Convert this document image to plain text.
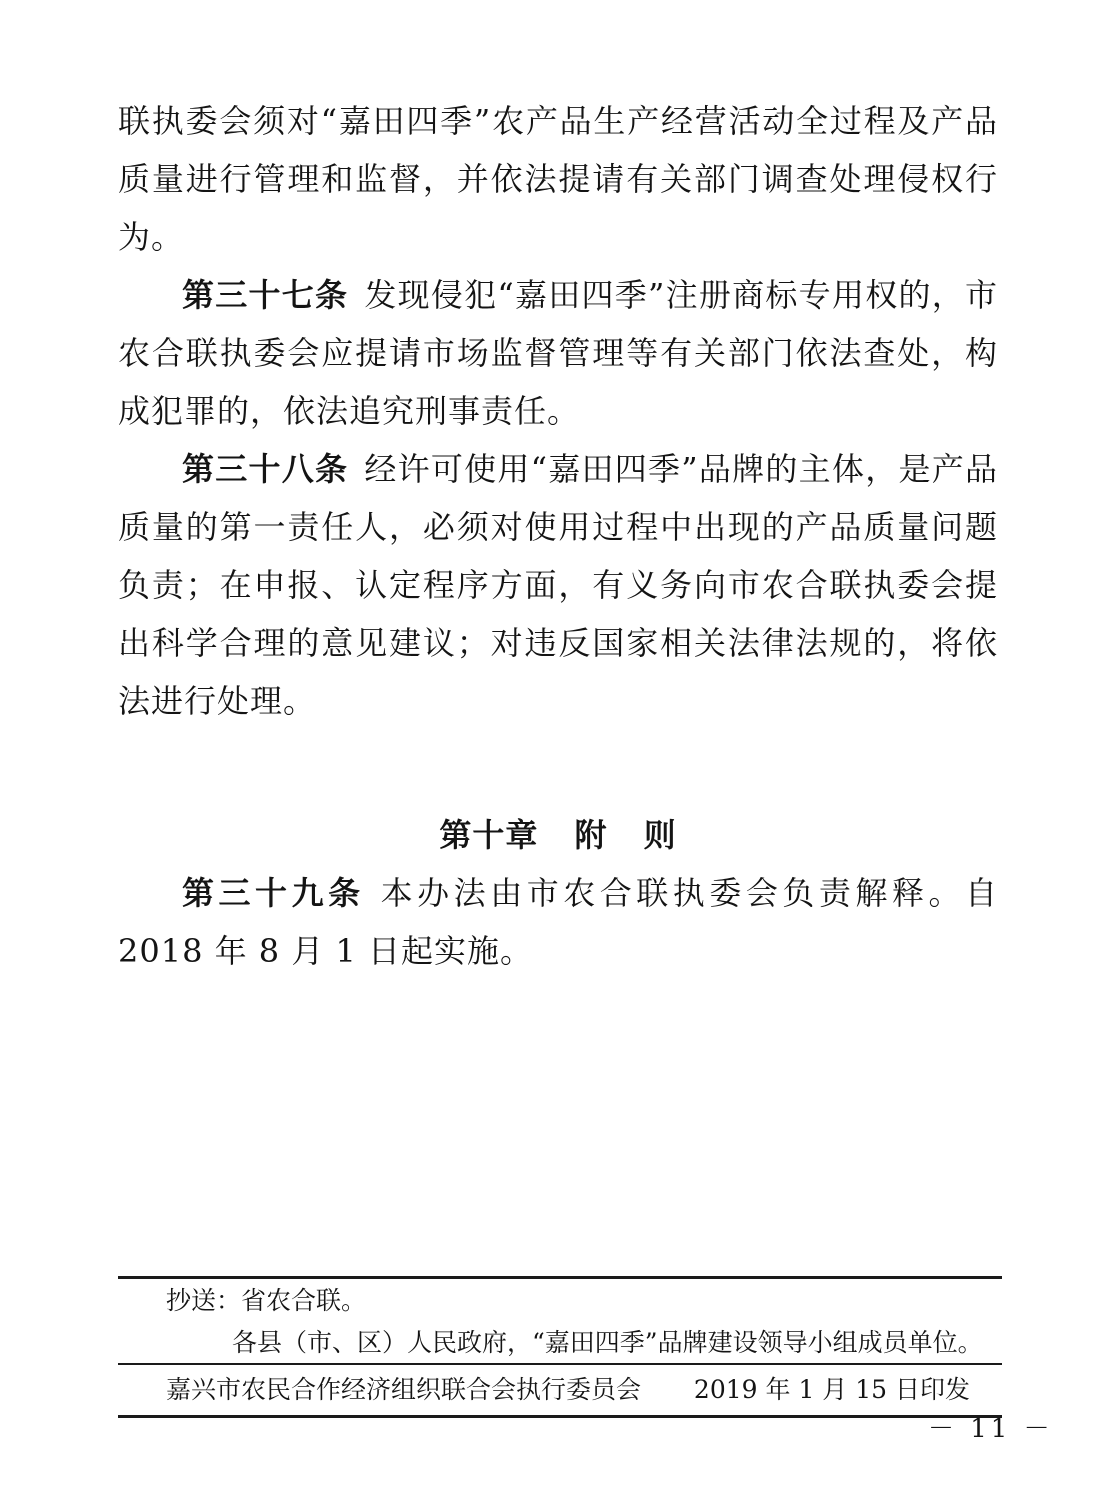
联执委会须对“嘉田四季”农产品生产经营活动全过程及产品质量进行管理和监督，并依法提请有关部门调查处理侵权行为。

第三十七条 发现侵犯“嘉田四季”注册商标专用权的，市农合联执委会应提请市场监督管理等有关部门依法查处，构成犯罪的，依法追究刑事责任。

第三十八条 经许可使用“嘉田四季”品牌的主体，是产品质量的第一责任人，必须对使用过程中出现的产品质量问题负责；在申报、认定程序方面，有义务向市农合联执委会提出科学合理的意见建议；对违反国家相关法律法规的，将依法进行处理。

第十章 附 则

第三十九条 本办法由市农合联执委会负责解释。自 2018 年 8 月 1 日起实施。

抄送：省农合联。
各县（市、区）人民政府，“嘉田四季”品牌建设领导小组成员单位。
嘉兴市农民合作经济组织联合会执行委员会 2019 年 1 月 15 日印发
－ 11 －
